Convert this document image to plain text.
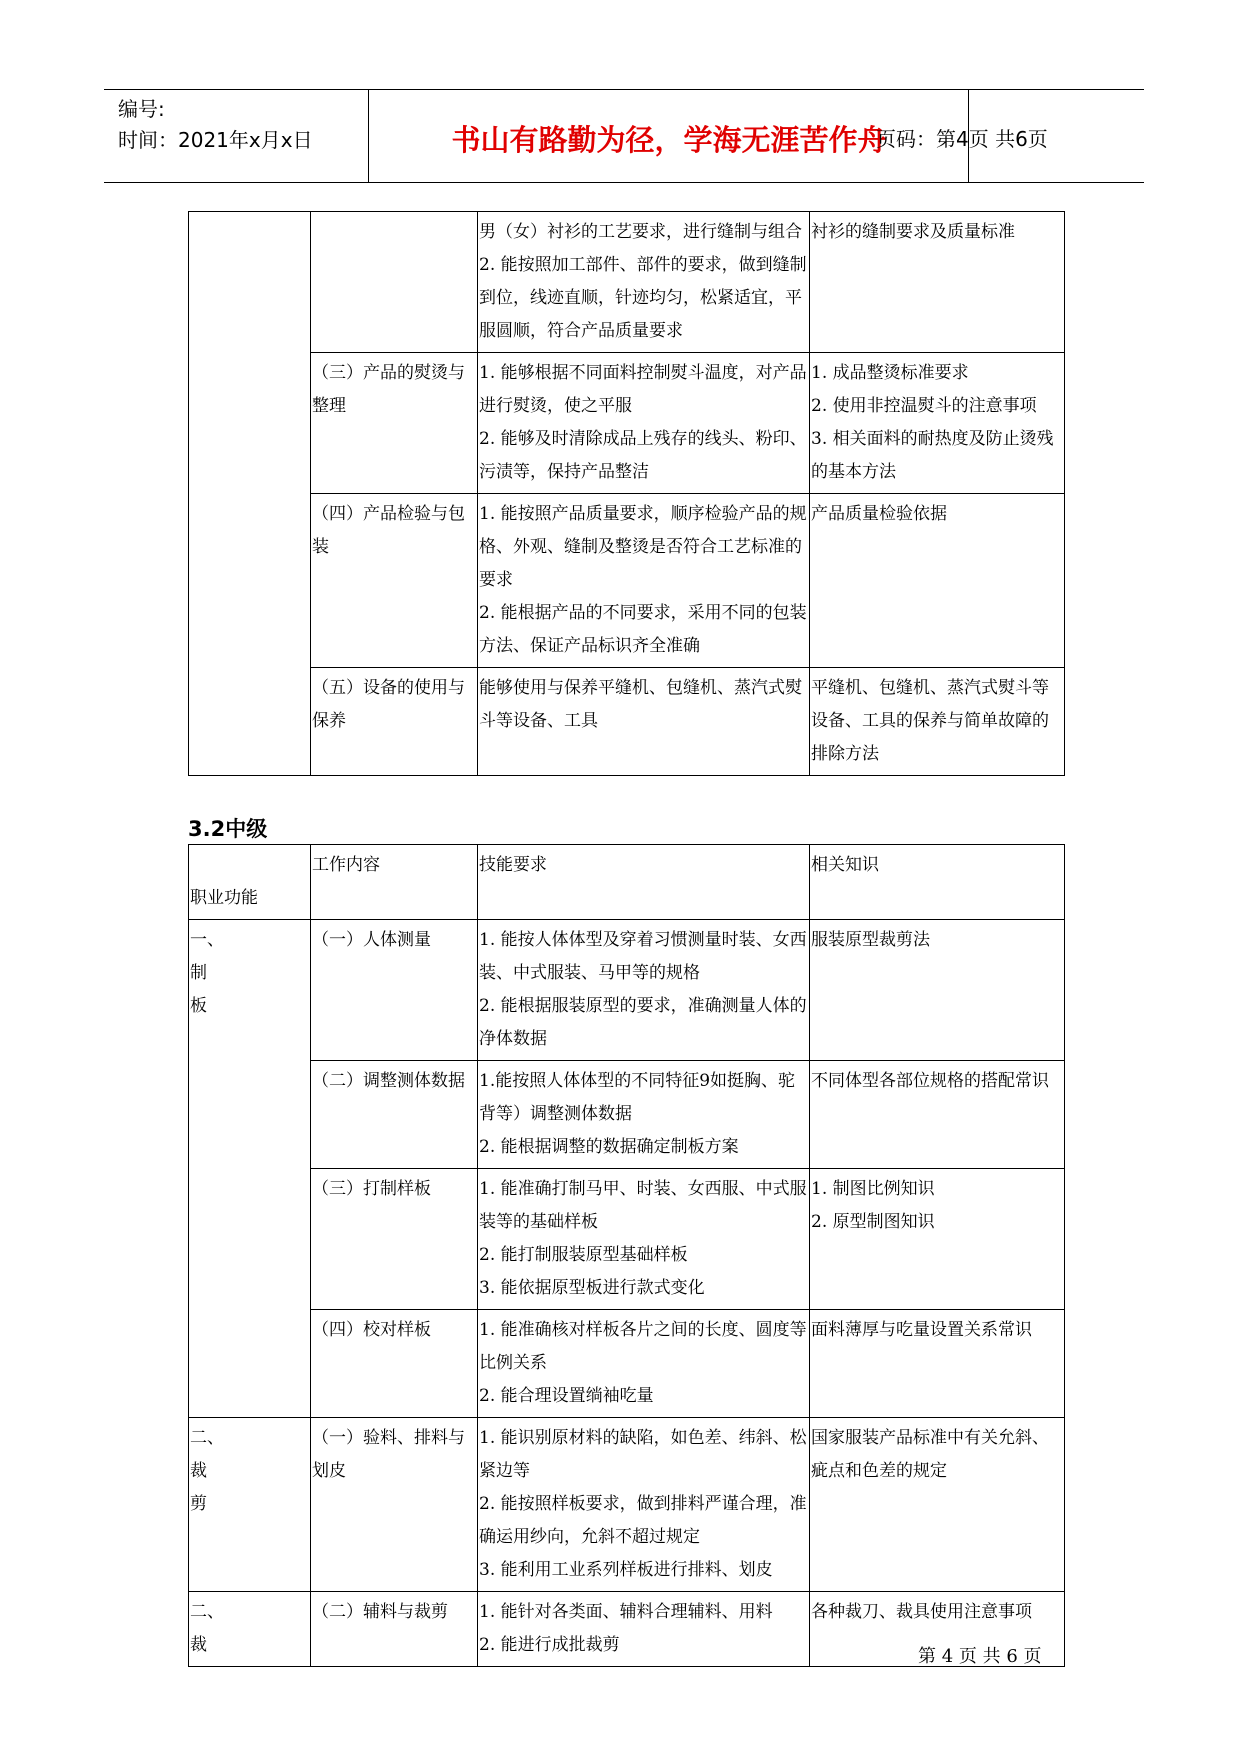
编号:
时间：2021年x月x日	书山有路勤为径，学海无涯苦作舟
页码：第4页 共6页

		男（女）衬衫的工艺要求，进行缝制与组合
2. 能按照加工部件、部件的要求，做到缝制到位，线迹直顺，针迹均匀，松紧适宜，平服圆顺，符合产品质量要求	衬衫的缝制要求及质量标准

	（三）产品的熨烫与整理	1. 能够根据不同面料控制熨斗温度，对产品进行熨烫，使之平服
2. 能够及时清除成品上残存的线头、粉印、污渍等，保持产品整洁	1. 成品整烫标准要求
2. 使用非控温熨斗的注意事项
3. 相关面料的耐热度及防止烫残的基本方法

	（四）产品检验与包装	1. 能按照产品质量要求，顺序检验产品的规格、外观、缝制及整烫是否符合工艺标准的要求
2. 能根据产品的不同要求，采用不同的包装方法、保证产品标识齐全准确	产品质量检验依据

	（五）设备的使用与保养	能够使用与保养平缝机、包缝机、蒸汽式熨斗等设备、工具	平缝机、包缝机、蒸汽式熨斗等设备、工具的保养与简单故障的排除方法
3.2中级
职业功能	工作内容	技能要求	相关知识

一、
制
板	（一）人体测量	1. 能按人体体型及穿着习惯测量时装、女西装、中式服装、马甲等的规格
2. 能根据服装原型的要求，准确测量人体的净体数据	服装原型裁剪法

	（二）调整测体数据	1.能按照人体体型的不同特征9如挺胸、驼背等）调整测体数据
2. 能根据调整的数据确定制板方案	不同体型各部位规格的搭配常识

	（三）打制样板	1. 能准确打制马甲、时装、女西服、中式服装等的基础样板
2. 能打制服装原型基础样板
3. 能依据原型板进行款式变化	1. 制图比例知识
2. 原型制图知识

	（四）校对样板	1. 能准确核对样板各片之间的长度、圆度等比例关系
2. 能合理设置绱袖吃量	面料薄厚与吃量设置关系常识

二、
裁
剪	（一）验料、排料与划皮	1. 能识别原材料的缺陷，如色差、纬斜、松紧边等
2. 能按照样板要求，做到排料严谨合理，准确运用纱向，允斜不超过规定
3. 能利用工业系列样板进行排料、划皮	国家服装产品标准中有关允斜、疵点和色差的规定

二、
裁	（二）辅料与裁剪	1. 能针对各类面、辅料合理辅料、用料
2. 能进行成批裁剪	各种裁刀、裁具使用注意事项
第 4 页 共 6 页
